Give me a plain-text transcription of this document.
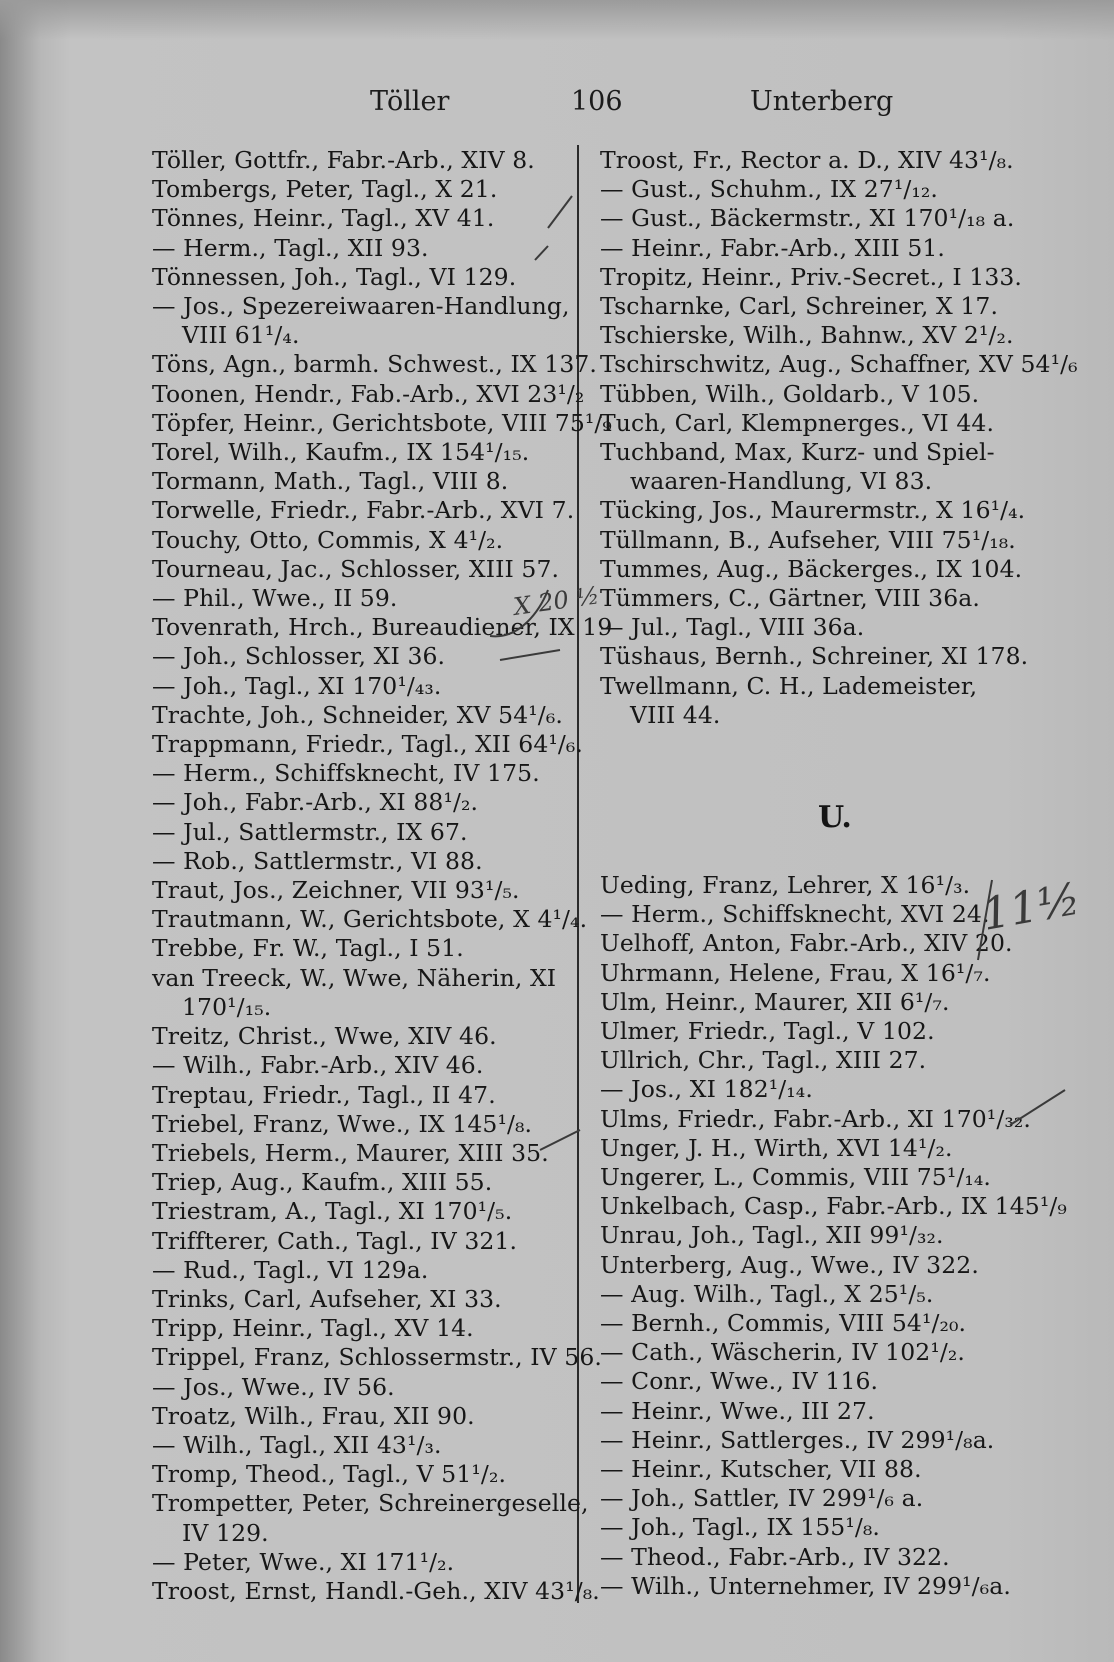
Töller	106	Unterberg
Töller, Gottfr., Fabr.-Arb., XIV 8.
Tombergs, Peter, Tagl., X 21.
Tönnes, Heinr., Tagl., XV 41.
— Herm., Tagl., XII 93.
Tönnessen, Joh., Tagl., VI 129.
— Jos., Spezereiwaaren-Handlung,
VIII 61¹/₄.
Töns, Agn., barmh. Schwest., IX 137.
Toonen, Hendr., Fab.-Arb., XVI 23¹/₂
Töpfer, Heinr., Gerichtsbote, VIII 75¹/₉
Torel, Wilh., Kaufm., IX 154¹/₁₅.
Tormann, Math., Tagl., VIII 8.
Torwelle, Friedr., Fabr.-Arb., XVI 7.
Touchy, Otto, Commis, X 4¹/₂.
Tourneau, Jac., Schlosser, XIII 57.
— Phil., Wwe., II 59.
Tovenrath, Hrch., Bureaudiener, IX 19
— Joh., Schlosser, XI 36.
— Joh., Tagl., XI 170¹/₄₃.
Trachte, Joh., Schneider, XV 54¹/₆.
Trappmann, Friedr., Tagl., XII 64¹/₆.
— Herm., Schiffsknecht, IV 175.
— Joh., Fabr.-Arb., XI 88¹/₂.
— Jul., Sattlermstr., IX 67.
— Rob., Sattlermstr., VI 88.
Traut, Jos., Zeichner, VII 93¹/₅.
Trautmann, W., Gerichtsbote, X 4¹/₄.
Trebbe, Fr. W., Tagl., I 51.
van Treeck, W., Wwe, Näherin, XI
170¹/₁₅.
Treitz, Christ., Wwe, XIV 46.
— Wilh., Fabr.-Arb., XIV 46.
Treptau, Friedr., Tagl., II 47.
Triebel, Franz, Wwe., IX 145¹/₈.
Triebels, Herm., Maurer, XIII 35.
Triep, Aug., Kaufm., XIII 55.
Triestram, A., Tagl., XI 170¹/₅.
Triffterer, Cath., Tagl., IV 321.
— Rud., Tagl., VI 129a.
Trinks, Carl, Aufseher, XI 33.
Tripp, Heinr., Tagl., XV 14.
Trippel, Franz, Schlossermstr., IV 56.
— Jos., Wwe., IV 56.
Troatz, Wilh., Frau, XII 90.
— Wilh., Tagl., XII 43¹/₃.
Tromp, Theod., Tagl., V 51¹/₂.
Trompetter, Peter, Schreinergeselle,
IV 129.
— Peter, Wwe., XI 171¹/₂.
Troost, Ernst, Handl.-Geh., XIV 43¹/₈.
Troost, Fr., Rector a. D., XIV 43¹/₈.
— Gust., Schuhm., IX 27¹/₁₂.
— Gust., Bäckermstr., XI 170¹/₁₈ a.
— Heinr., Fabr.-Arb., XIII 51.
Tropitz, Heinr., Priv.-Secret., I 133.
Tscharnke, Carl, Schreiner, X 17.
Tschierske, Wilh., Bahnw., XV 2¹/₂.
Tschirschwitz, Aug., Schaffner, XV 54¹/₆
Tübben, Wilh., Goldarb., V 105.
Tuch, Carl, Klempnerges., VI 44.
Tuchband, Max, Kurz- und Spiel-
waaren-Handlung, VI 83.
Tücking, Jos., Maurermstr., X 16¹/₄.
Tüllmann, B., Aufseher, VIII 75¹/₁₈.
Tummes, Aug., Bäckerges., IX 104.
Tümmers, C., Gärtner, VIII 36a.
— Jul., Tagl., VIII 36a.
Tüshaus, Bernh., Schreiner, XI 178.
Twellmann, C. H., Lademeister,
VIII 44.
U.
Ueding, Franz, Lehrer, X 16¹/₃.
— Herm., Schiffsknecht, XVI 24.
Uelhoff, Anton, Fabr.-Arb., XIV 20.
Uhrmann, Helene, Frau, X 16¹/₇.
Ulm, Heinr., Maurer, XII 6¹/₇.
Ulmer, Friedr., Tagl., V 102.
Ullrich, Chr., Tagl., XIII 27.
— Jos., XI 182¹/₁₄.
Ulms, Friedr., Fabr.-Arb., XI 170¹/₃₂.
Unger, J. H., Wirth, XVI 14¹/₂.
Ungerer, L., Commis, VIII 75¹/₁₄.
Unkelbach, Casp., Fabr.-Arb., IX 145¹/₉
Unrau, Joh., Tagl., XII 99¹/₃₂.
Unterberg, Aug., Wwe., IV 322.
— Aug. Wilh., Tagl., X 25¹/₅.
— Bernh., Commis, VIII 54¹/₂₀.
— Cath., Wäscherin, IV 102¹/₂.
— Conr., Wwe., IV 116.
— Heinr., Wwe., III 27.
— Heinr., Sattlerges., IV 299¹/₈a.
— Heinr., Kutscher, VII 88.
— Joh., Sattler, IV 299¹/₆ a.
— Joh., Tagl., IX 155¹/₈.
— Theod., Fabr.-Arb., IV 322.
— Wilh., Unternehmer, IV 299¹/₆a.
X 20 ½
11½
